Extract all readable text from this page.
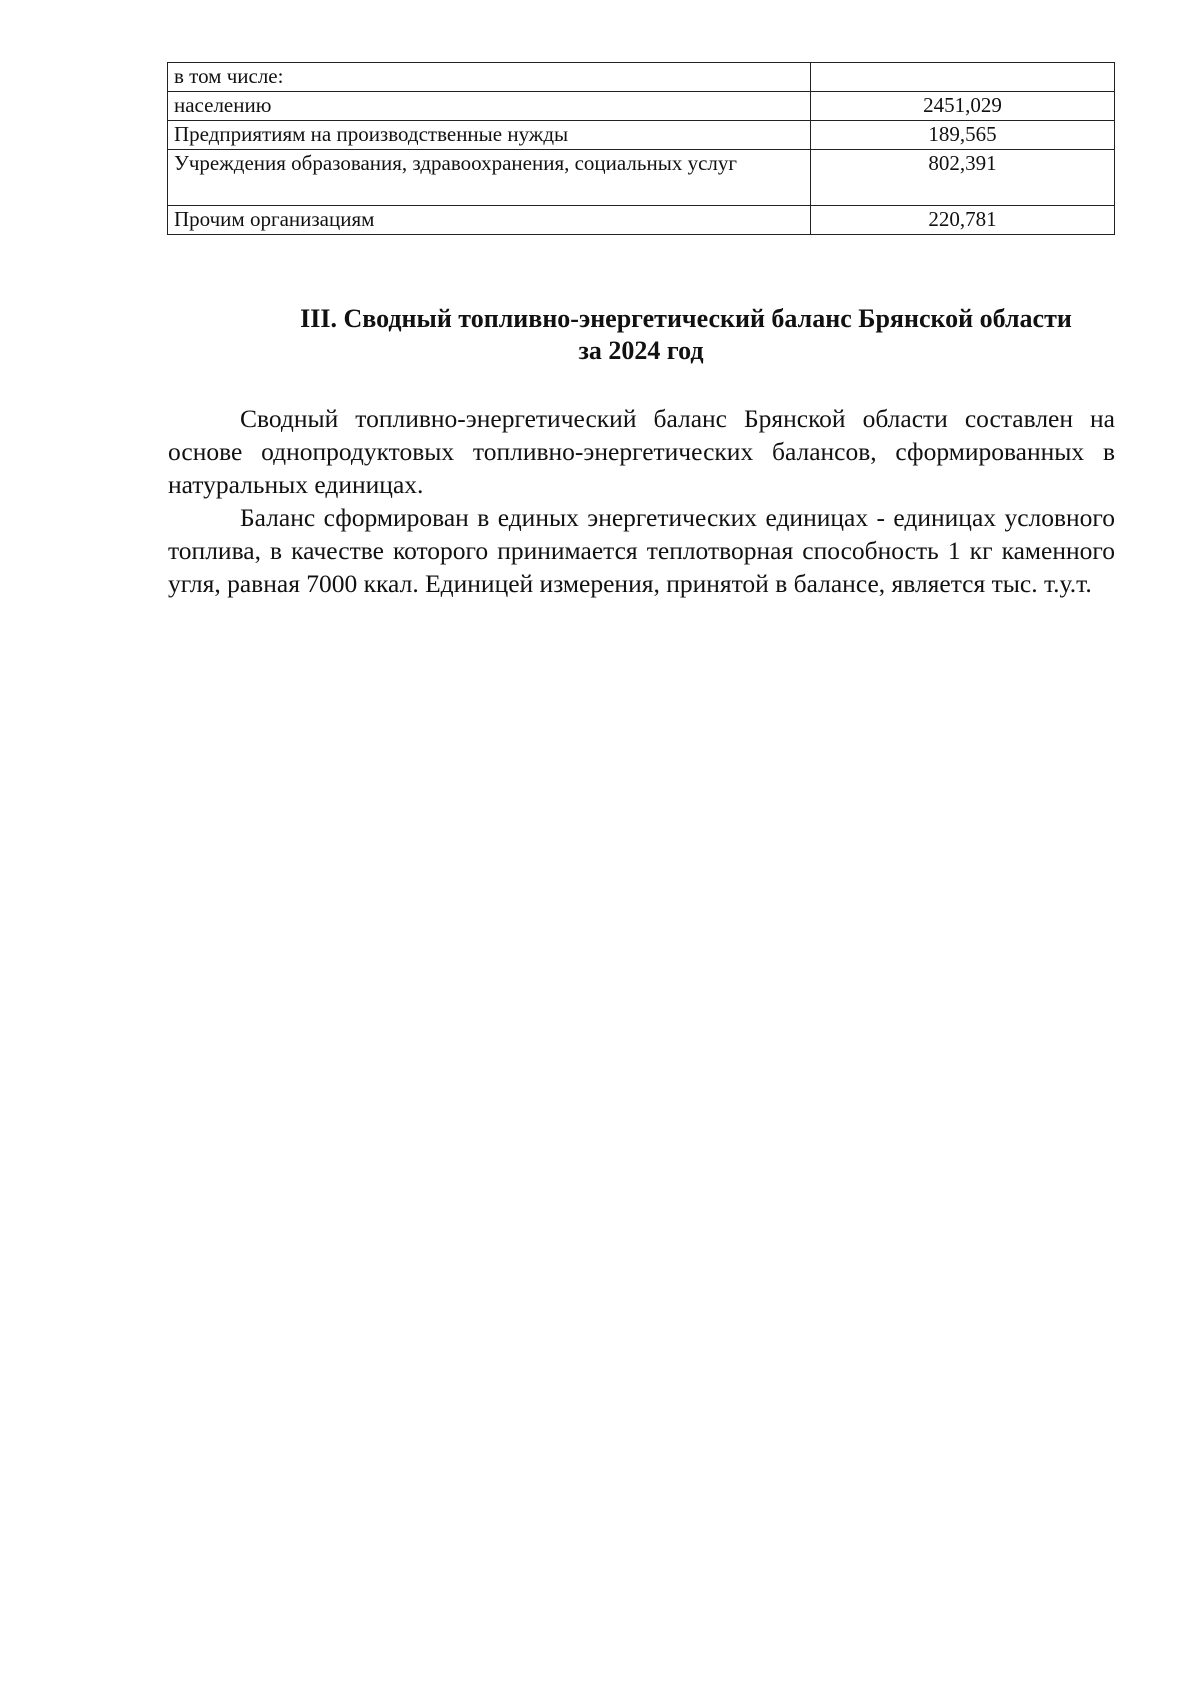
в том числе:	
населению	2451,029
Предприятиям на производственные нужды	189,565
Учреждения образования, здравоохранения, социальных услуг	802,391
Прочим организациям	220,781
III. Сводный топливно-энергетический баланс Брянской области
за 2024 год

Сводный топливно-энергетический баланс Брянской области составлен на основе однопродуктовых топливно-энергетических балансов, сформированных в натуральных единицах.

Баланс сформирован в единых энергетических единицах - единицах условного топлива, в качестве которого принимается теплотворная способность 1 кг каменного угля, равная 7000 ккал. Единицей измерения, принятой в балансе, является тыс. т.у.т.
